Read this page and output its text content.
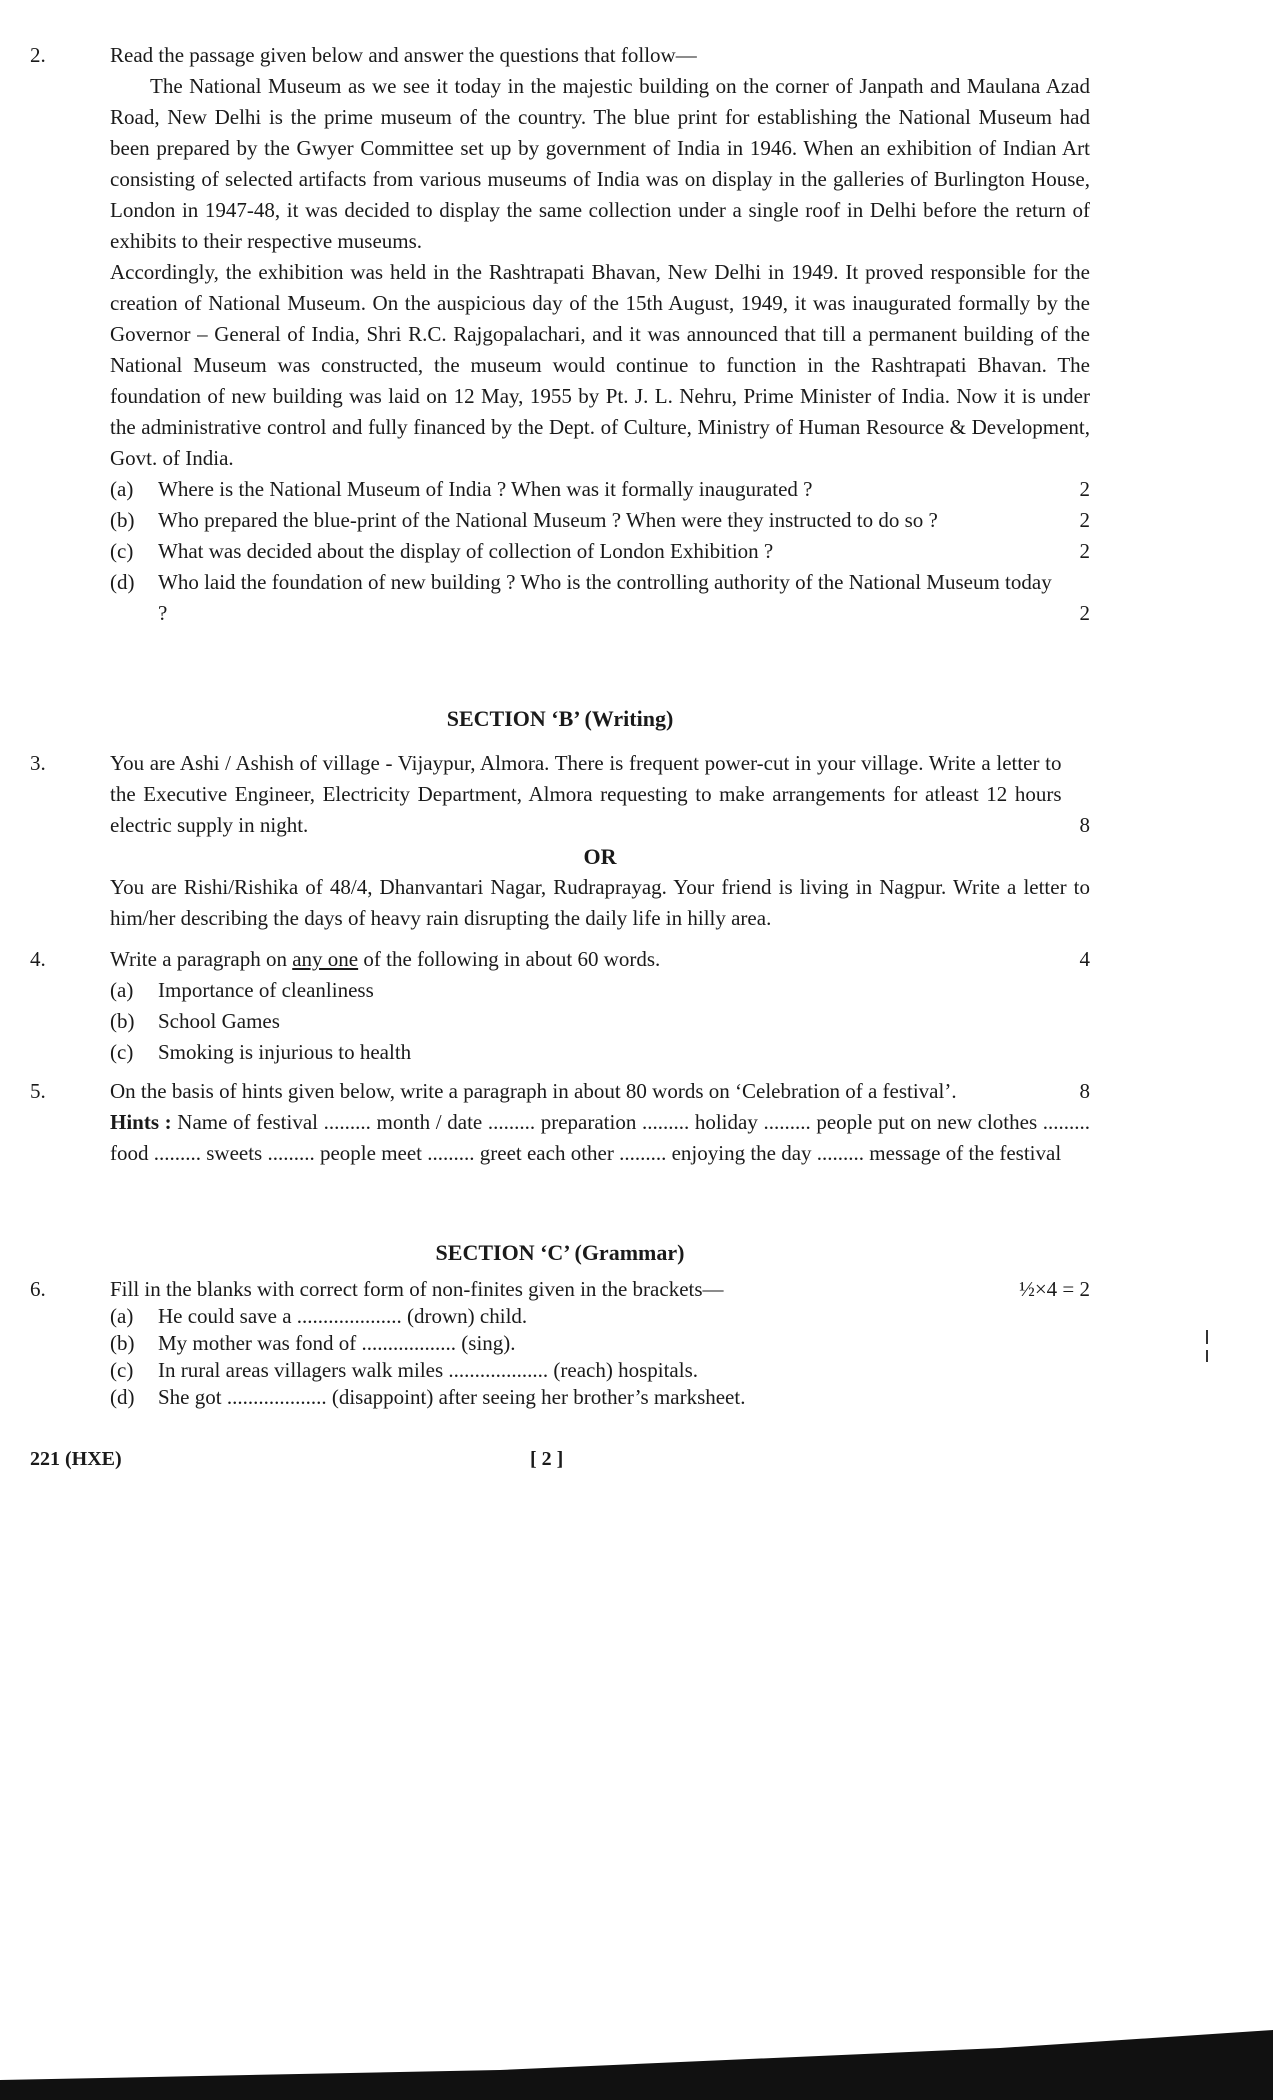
2.	Read the passage given below and answer the questions that follow—

The National Museum as we see it today in the majestic building on the corner of Janpath and Maulana Azad Road, New Delhi is the prime museum of the country. The blue print for establishing the National Museum had been prepared by the Gwyer Committee set up by government of India in 1946. When an exhibition of Indian Art consisting of selected artifacts from various museums of India was on display in the galleries of Burlington House, London in 1947-48, it was decided to display the same collection under a single roof in Delhi before the return of exhibits to their respective museums.

Accordingly, the exhibition was held in the Rashtrapati Bhavan, New Delhi in 1949. It proved responsible for the creation of National Museum. On the auspicious day of the 15th August, 1949, it was inaugurated formally by the Governor – General of India, Shri R.C. Rajgopalachari, and it was announced that till a permanent building of the National Museum was constructed, the museum would continue to function in the Rashtrapati Bhavan. The foundation of new building was laid on 12 May, 1955 by Pt. J. L. Nehru, Prime Minister of India. Now it is under the administrative control and fully financed by the Dept. of Culture, Ministry of Human Resource & Development, Govt. of India.

(a)	Where is the National Museum of India ? When was it formally inaugurated ?	2
(b)	Who prepared the blue-print of the National Museum ? When were they instructed to do so ?	2
(c)	What was decided about the display of collection of London Exhibition ?	2
(d)	Who laid the foundation of new building ? Who is the controlling authority of the National Museum today ?	2
SECTION ‘B’ (Writing)
3.	You are Ashi / Ashish of village - Vijaypur, Almora. There is frequent power-cut in your village. Write a letter to the Executive Engineer, Electricity Department, Almora requesting to make arrangements for atleast 12 hours electric supply in night.	8
OR

You are Rishi/Rishika of 48/4, Dhanvantari Nagar, Rudraprayag. Your friend is living in Nagpur. Write a letter to him/her describing the days of heavy rain disrupting the daily life in hilly area.

4.	Write a paragraph on any one of the following in about 60 words.	4
(a)	Importance of cleanliness
(b)	School Games
(c)	Smoking is injurious to health
5.	On the basis of hints given below, write a paragraph in about 80 words on ‘Celebration of a festival’.	8

Hints : Name of festival ......... month / date ......... preparation ......... holiday ......... people put on new clothes ......... food ......... sweets ......... people meet ......... greet each other ......... enjoying the day ......... message of the festival

SECTION ‘C’ (Grammar)
6.	Fill in the blanks with correct form of non-finites given in the brackets—	½×4 = 2
(a)	He could save a .................... (drown) child.
(b)	My mother was fond of .................. (sing).
(c)	In rural areas villagers walk miles ................... (reach) hospitals.
(d)	She got ................... (disappoint) after seeing her brother’s marksheet.
221 (HXE)	[ 2 ]
